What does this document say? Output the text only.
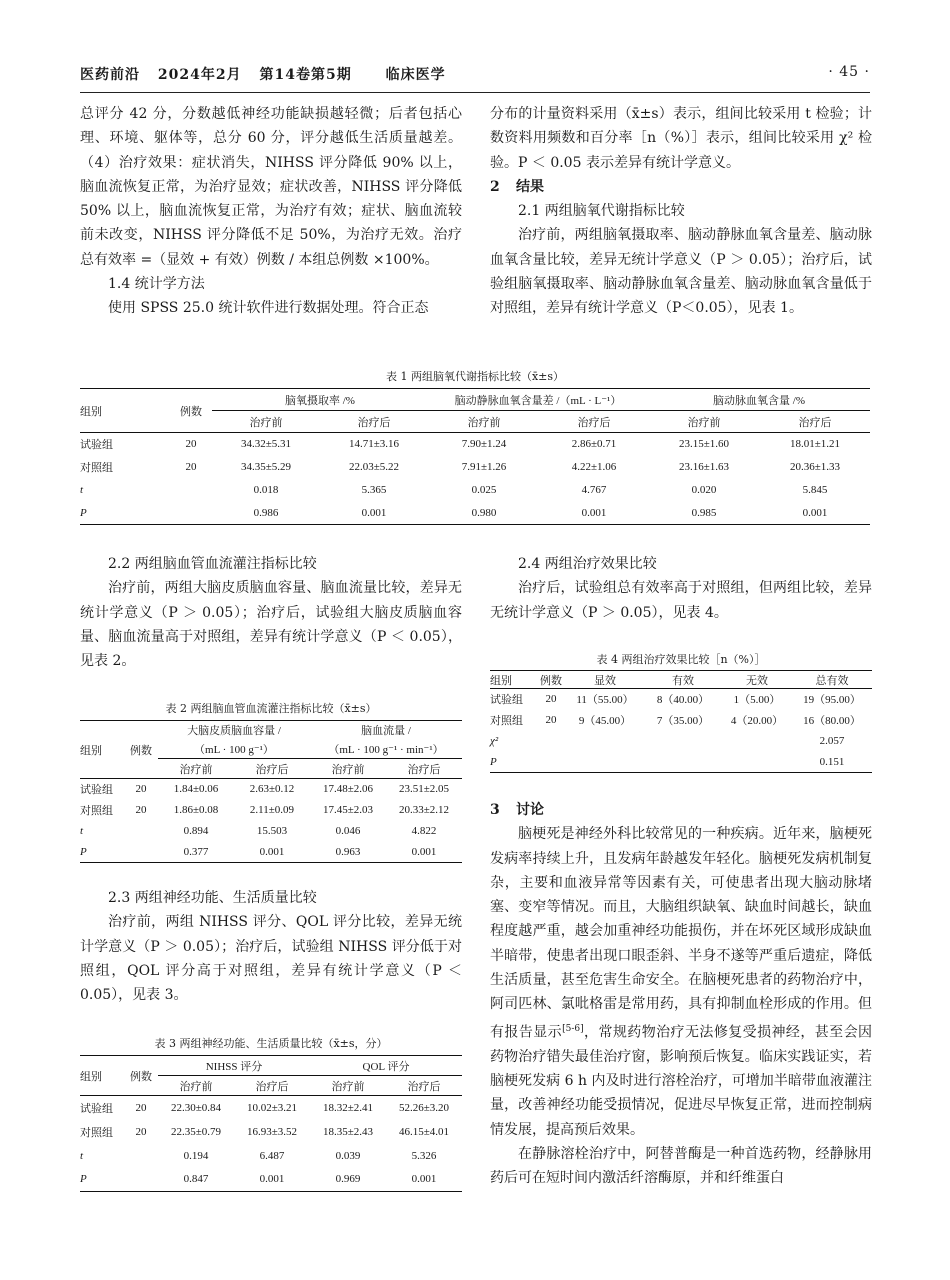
医药前沿 2024年2月 第14卷第5期 临床医学	· 45 ·

总评分 42 分，分数越低神经功能缺损越轻微；后者包括心理、环境、躯体等，总分 60 分，评分越低生活质量越差。（4）治疗效果：症状消失，NIHSS 评分降低 90% 以上，脑血流恢复正常，为治疗显效；症状改善，NIHSS 评分降低 50% 以上，脑血流恢复正常，为治疗有效；症状、脑血流较前未改变，NIHSS 评分降低不足 50%，为治疗无效。治疗总有效率 =（显效 + 有效）例数 / 本组总例数 ×100%。

1.4 统计学方法

使用 SPSS 25.0 统计软件进行数据处理。符合正态

分布的计量资料采用（x̄±s）表示，组间比较采用 t 检验；计数资料用频数和百分率［n（%）］表示，组间比较采用 χ² 检验。P ＜ 0.05 表示差异有统计学意义。

2 结果

2.1 两组脑氧代谢指标比较

治疗前，两组脑氧摄取率、脑动静脉血氧含量差、脑动脉血氧含量比较，差异无统计学意义（P ＞ 0.05）；治疗后，试验组脑氧摄取率、脑动静脉血氧含量差、脑动脉血氧含量低于对照组，差异有统计学意义（P＜0.05），见表 1。

表 1 两组脑氧代谢指标比较（x̄±s）
组别	例数	脑氧摄取率 /%		脑动静脉血氧含量差 /（mL · L⁻¹）		脑动脉血氧含量 /%	
		治疗前	治疗后	治疗前	治疗后	治疗前	治疗后
试验组	20	34.32±5.31	14.71±3.16	7.90±1.24	2.86±0.71	23.15±1.60	18.01±1.21
对照组	20	34.35±5.29	22.03±5.22	7.91±1.26	4.22±1.06	23.16±1.63	20.36±1.33
t		0.018	5.365	0.025	4.767	0.020	5.845
P		0.986	0.001	0.980	0.001	0.985	0.001

2.2 两组脑血管血流灌注指标比较

治疗前，两组大脑皮质脑血容量、脑血流量比较，差异无统计学意义（P ＞ 0.05）；治疗后，试验组大脑皮质脑血容量、脑血流量高于对照组，差异有统计学意义（P ＜ 0.05），见表 2。

表 2 两组脑血管血流灌注指标比较（x̄±s）
组别	例数	大脑皮质脑血容量 /		脑血流量 /	
		（mL · 100 g⁻¹）		（mL · 100 g⁻¹ · min⁻¹）	
		治疗前	治疗后	治疗前	治疗后
试验组	20	1.84±0.06	2.63±0.12	17.48±2.06	23.51±2.05
对照组	20	1.86±0.08	2.11±0.09	17.45±2.03	20.33±2.12
t		0.894	15.503	0.046	4.822
P		0.377	0.001	0.963	0.001

2.3 两组神经功能、生活质量比较

治疗前，两组 NIHSS 评分、QOL 评分比较，差异无统计学意义（P ＞ 0.05）；治疗后，试验组 NIHSS 评分低于对照组，QOL 评分高于对照组，差异有统计学意义（P ＜ 0.05），见表 3。

表 3 两组神经功能、生活质量比较（x̄±s，分）
组别	例数	NIHSS 评分		QOL 评分	
		治疗前	治疗后	治疗前	治疗后
试验组	20	22.30±0.84	10.02±3.21	18.32±2.41	52.26±3.20
对照组	20	22.35±0.79	16.93±3.52	18.35±2.43	46.15±4.01
t		0.194	6.487	0.039	5.326
P		0.847	0.001	0.969	0.001

2.4 两组治疗效果比较

治疗后，试验组总有效率高于对照组，但两组比较，差异无统计学意义（P ＞ 0.05），见表 4。

表 4 两组治疗效果比较［n（%）］
组别	例数	显效	有效	无效	总有效
试验组	20	11（55.00）	8（40.00）	1（5.00）	19（95.00）
对照组	20	9（45.00）	7（35.00）	4（20.00）	16（80.00）
χ²					2.057
P					0.151

3 讨论

脑梗死是神经外科比较常见的一种疾病。近年来，脑梗死发病率持续上升，且发病年龄越发年轻化。脑梗死发病机制复杂，主要和血液异常等因素有关，可使患者出现大脑动脉堵塞、变窄等情况。而且，大脑组织缺氧、缺血时间越长，缺血程度越严重，越会加重神经功能损伤，并在坏死区域形成缺血半暗带，使患者出现口眼歪斜、半身不遂等严重后遗症，降低生活质量，甚至危害生命安全。在脑梗死患者的药物治疗中，阿司匹林、氯吡格雷是常用药，具有抑制血栓形成的作用。但有报告显示[5-6]，常规药物治疗无法修复受损神经，甚至会因药物治疗错失最佳治疗窗，影响预后恢复。临床实践证实，若脑梗死发病 6 h 内及时进行溶栓治疗，可增加半暗带血液灌注量，改善神经功能受损情况，促进尽早恢复正常，进而控制病情发展，提高预后效果。

在静脉溶栓治疗中，阿替普酶是一种首选药物，经静脉用药后可在短时间内激活纤溶酶原，并和纤维蛋白
